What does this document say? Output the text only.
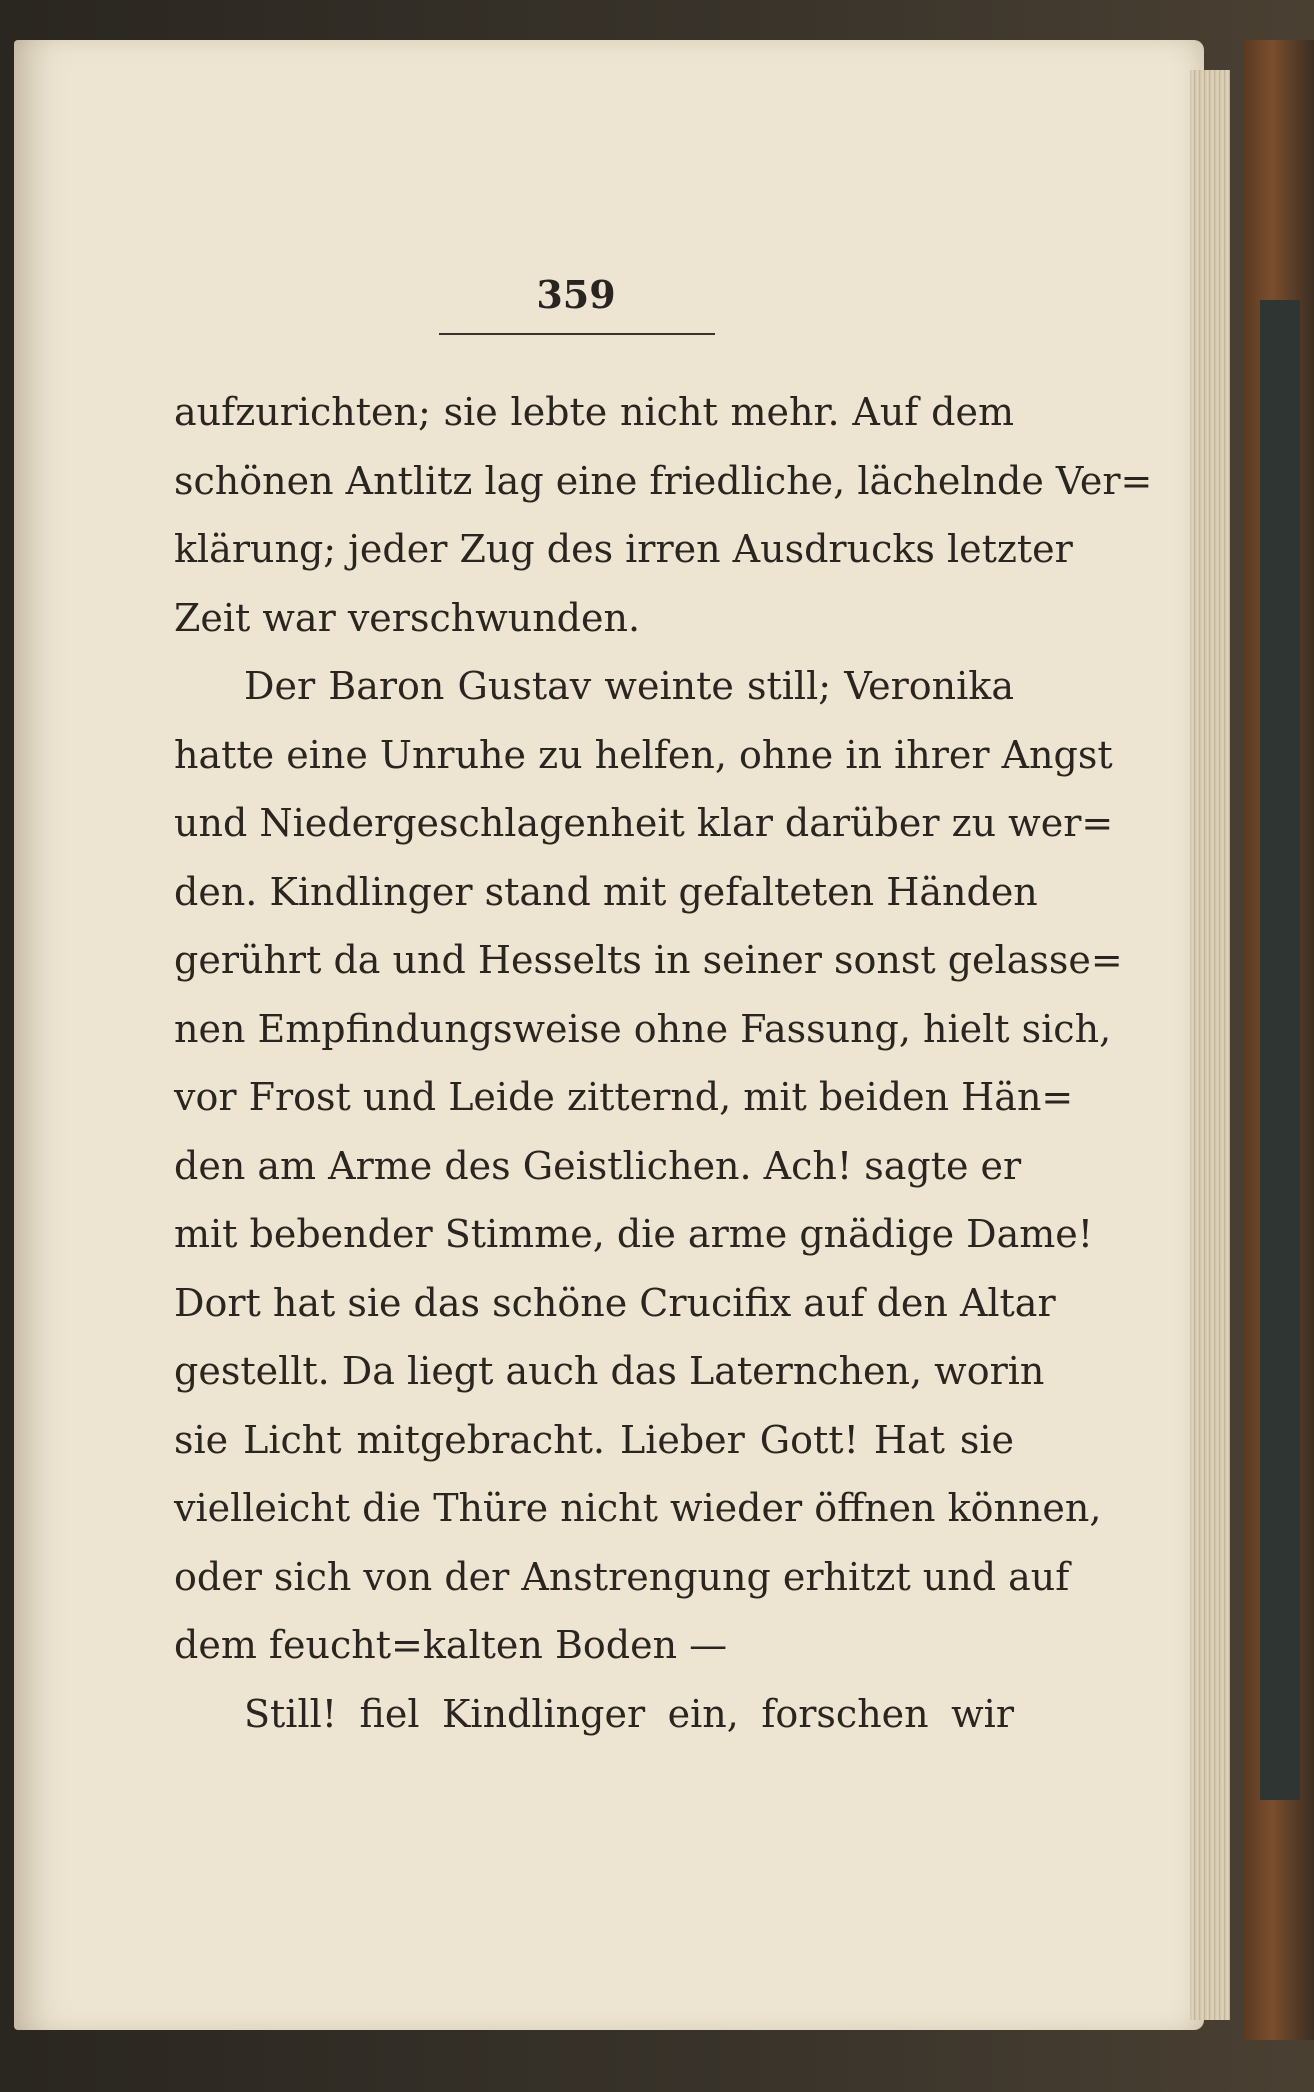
359
aufzurichten; sie lebte nicht mehr. Auf dem
schönen Antlitz lag eine friedliche, lächelnde Ver=
klärung; jeder Zug des irren Ausdrucks letzter
Zeit war verschwunden.
Der Baron Gustav weinte still; Veronika
hatte eine Unruhe zu helfen, ohne in ihrer Angst
und Niedergeschlagenheit klar darüber zu wer=
den. Kindlinger stand mit gefalteten Händen
gerührt da und Hesselts in seiner sonst gelasse=
nen Empfindungsweise ohne Fassung, hielt sich,
vor Frost und Leide zitternd, mit beiden Hän=
den am Arme des Geistlichen. Ach! sagte er
mit bebender Stimme, die arme gnädige Dame!
Dort hat sie das schöne Crucifix auf den Altar
gestellt. Da liegt auch das Laternchen, worin
sie Licht mitgebracht. Lieber Gott! Hat sie
vielleicht die Thüre nicht wieder öffnen können,
oder sich von der Anstrengung erhitzt und auf
dem feucht=kalten Boden —
Still! fiel Kindlinger ein, forschen wir
